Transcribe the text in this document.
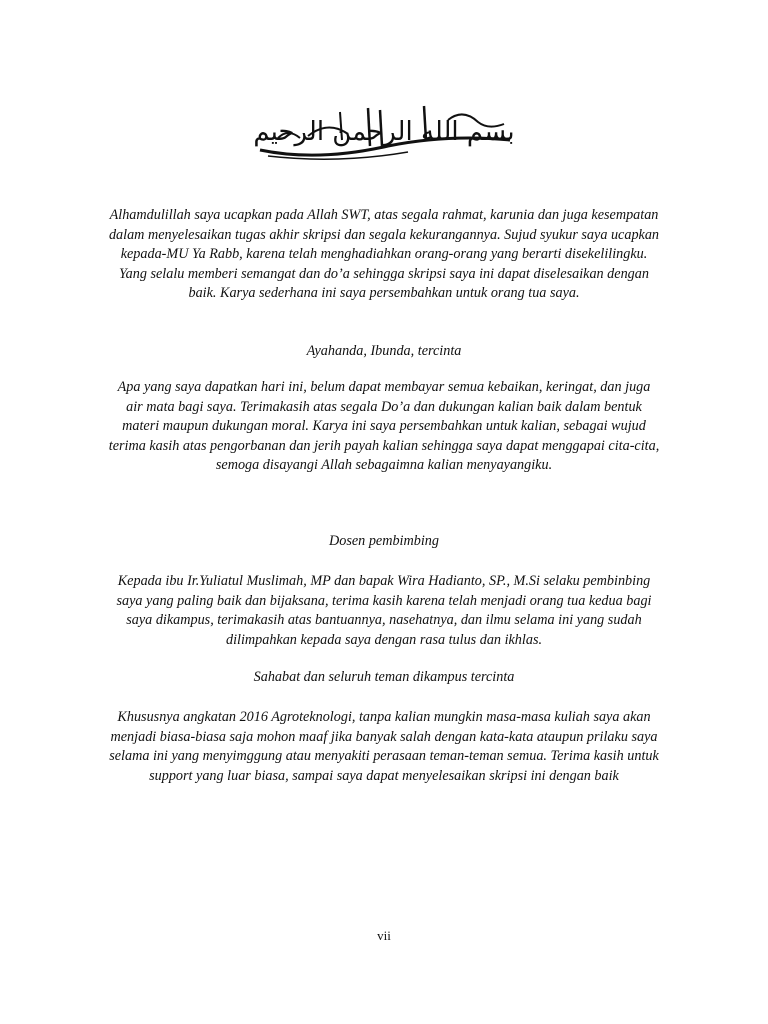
بسم الله الرحمن الرحيم

Alhamdulillah saya ucapkan pada Allah SWT, atas segala rahmat, karunia dan juga kesempatan dalam menyelesaikan tugas akhir skripsi dan segala kekurangannya. Sujud syukur saya ucapkan kepada-MU Ya Rabb, karena telah menghadiahkan orang-orang yang berarti disekelilingku. Yang selalu memberi semangat dan do’a sehingga skripsi saya ini dapat diselesaikan dengan baik. Karya sederhana ini saya persembahkan untuk orang tua saya.

Ayahanda, Ibunda, tercinta

Apa yang saya dapatkan hari ini, belum dapat membayar semua kebaikan, keringat, dan juga air mata bagi saya. Terimakasih atas segala Do’a dan dukungan kalian baik dalam bentuk materi maupun dukungan moral. Karya ini saya persembahkan untuk kalian, sebagai wujud terima kasih atas pengorbanan dan jerih payah kalian sehingga saya dapat menggapai cita-cita, semoga disayangi Allah sebagaimna kalian menyayangiku.

Dosen pembimbing

Kepada ibu Ir.Yuliatul Muslimah, MP dan bapak Wira Hadianto, SP., M.Si selaku pembinbing saya yang paling baik dan bijaksana, terima kasih karena telah menjadi orang tua kedua bagi saya dikampus, terimakasih atas bantuannya, nasehatnya, dan ilmu selama ini yang sudah dilimpahkan kepada saya dengan rasa tulus dan ikhlas.

Sahabat dan seluruh teman dikampus tercinta

Khususnya angkatan 2016 Agroteknologi, tanpa kalian mungkin masa-masa kuliah saya akan menjadi biasa-biasa saja mohon maaf jika banyak salah dengan kata-kata ataupun prilaku saya selama ini yang menyimggung atau menyakiti perasaan teman-teman semua. Terima kasih untuk support yang luar biasa, sampai saya dapat menyelesaikan skripsi ini dengan baik

vii
